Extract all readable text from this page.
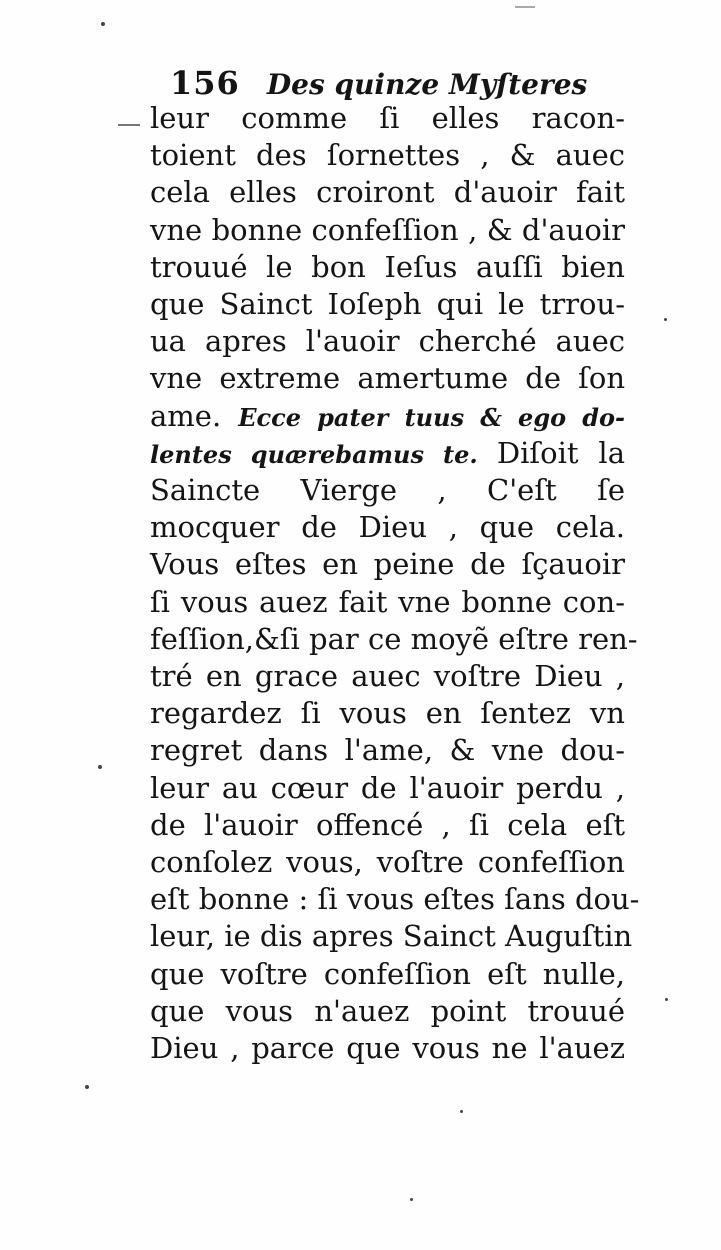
156 Des quinze Myſteres
leur comme ſi elles racon-
toient des ſornettes , & auec
cela elles croiront d'auoir fait
vne bonne confeſſion , & d'auoir
trouué le bon Ieſus auſſi bien
que Sainct Ioſeph qui le trrou-
ua apres l'auoir cherché auec
vne extreme amertume de ſon
ame. Ecce pater tuus & ego do-
lentes quærebamus te. Diſoit la
Saincte Vierge , C'eſt ſe
mocquer de Dieu , que cela.
Vous eſtes en peine de ſçauoir
ſi vous auez fait vne bonne con-
feſſion,&ſi par ce moyẽ eſtre ren-
tré en grace auec voſtre Dieu ,
regardez ſi vous en ſentez vn
regret dans l'ame, & vne dou-
leur au cœur de l'auoir perdu ,
de l'auoir offencé , ſi cela eſt
conſolez vous, voſtre confeſſion
eſt bonne : ſi vous eſtes ſans dou-
leur, ie dis apres Sainct Auguſtin
que voſtre confeſſion eſt nulle,
que vous n'auez point trouué
Dieu , parce que vous ne l'auez
